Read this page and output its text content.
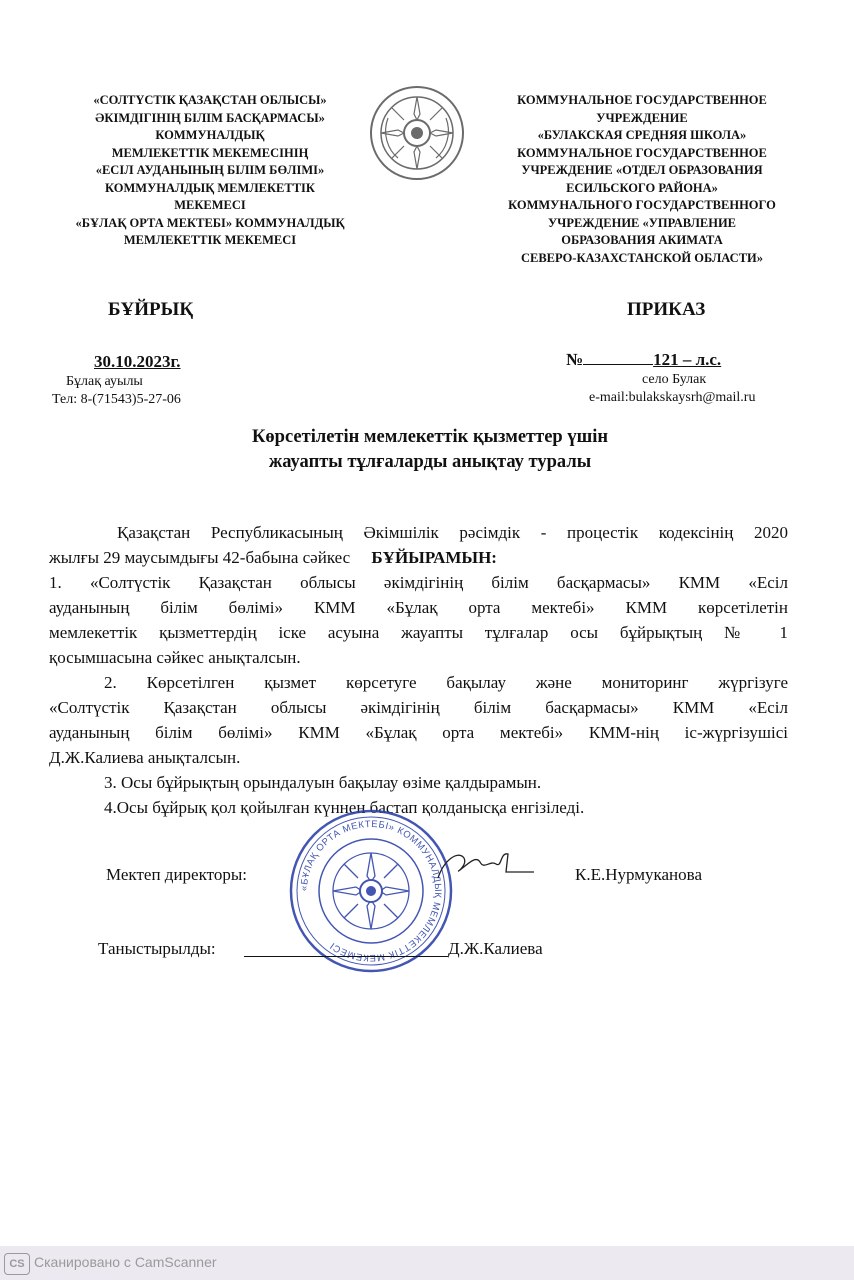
«СОЛТҮСТІК ҚАЗАҚСТАН ОБЛЫСЫ»
ӘКІМДІГІНІҢ БІЛІМ БАСҚАРМАСЫ»
КОММУНАЛДЫҚ
МЕМЛЕКЕТТІК МЕКЕМЕСІНІҢ
«ЕСІЛ АУДАНЫНЫҢ БІЛІМ БӨЛІМІ»
КОММУНАЛДЫҚ МЕМЛЕКЕТТІК
МЕКЕМЕСІ
«БҰЛАҚ ОРТА МЕКТЕБІ» КОММУНАЛДЫҚ
МЕМЛЕКЕТТІК МЕКЕМЕСІ
КОММУНАЛЬНОЕ ГОСУДАРСТВЕННОЕ
УЧРЕЖДЕНИЕ
«БУЛАКСКАЯ СРЕДНЯЯ ШКОЛА»
КОММУНАЛЬНОЕ ГОСУДАРСТВЕННОЕ
УЧРЕЖДЕНИЕ «ОТДЕЛ ОБРАЗОВАНИЯ
ЕСИЛЬСКОГО РАЙОНА»
КОММУНАЛЬНОГО ГОСУДАРСТВЕННОГО
УЧРЕЖДЕНИЕ «УПРАВЛЕНИЕ
ОБРАЗОВАНИЯ АКИМАТА
СЕВЕРО-КАЗАХСТАНСКОЙ ОБЛАСТИ»
БҰЙРЫҚ	ПРИКАЗ
30.10.2023г.	№	121 – л.с.
Бұлақ ауылы
Тел: 8-(71543)5-27-06
село Булак
e-mail:bulakskaysrh@mail.ru
Көрсетілетін мемлекеттік қызметтер үшін
жауапты тұлғаларды анықтау туралы
Қазақстан Республикасының Әкімшілік рәсімдік - процестік кодексінің 2020
жылғы 29 маусымдығы 42-бабына сәйкес БҰЙЫРАМЫН:
1. «Солтүстік Қазақстан облысы әкімдігінің білім басқармасы» КММ «Есіл
ауданының білім бөлімі» КММ «Бұлақ орта мектебі» КММ көрсетілетін
мемлекеттік қызметтердің іске асуына жауапты тұлғалар осы бұйрықтың № 1
қосымшасына сәйкес анықталсын.
2. Көрсетілген қызмет көрсетуге бақылау және мониторинг жүргізуге
«Солтүстік Қазақстан облысы әкімдігінің білім басқармасы» КММ «Есіл
ауданының білім бөлімі» КММ «Бұлақ орта мектебі» КММ-нің іс-жүргізушісі
Д.Ж.Калиева анықталсын.
3. Осы бұйрықтың орындалуын бақылау өзіме қалдырамын.
4.Осы бұйрық қол қойылған күннен бастап қолданысқа енгізіледі.
«БҰЛАҚ ОРТА МЕКТЕБІ» КОММУНАЛДЫҚ МЕМЛЕКЕТТІК МЕКЕМЕСІ
Мектеп директоры:	К.Е.Нурмуканова
Таныстырылды:	Д.Ж.Калиева
CS Сканировано с CamScanner
